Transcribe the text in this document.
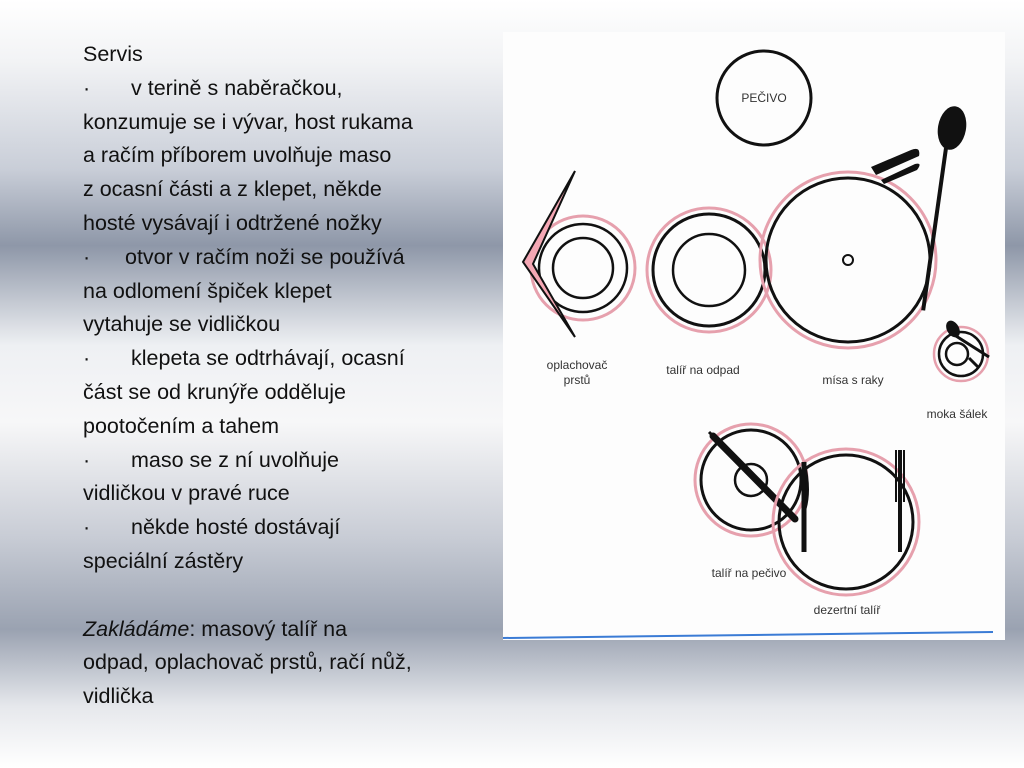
Servis
· v terině s naběračkou,
konzumuje se i vývar, host rukama
a račím příborem uvolňuje maso
z ocasní části a z klepet, někde
hosté vysávají i odtržené nožky
· otvor v račím noži se používá
na odlomení špiček klepet
vytahuje se vidličkou
· klepeta se odtrhávají, ocasní
část se od krunýře odděluje
pootočením a tahem
· maso se z ní uvolňuje
vidličkou v pravé ruce
· někde hosté dostávají
speciální zástěry
Zakládáme: masový talíř na
odpad, oplachovač prstů, račí nůž,
vidlička
PEČIVO
oplachovač
prstů
talíř na odpad
mísa s raky
moka šálek
talíř na pečivo
dezertní talíř
